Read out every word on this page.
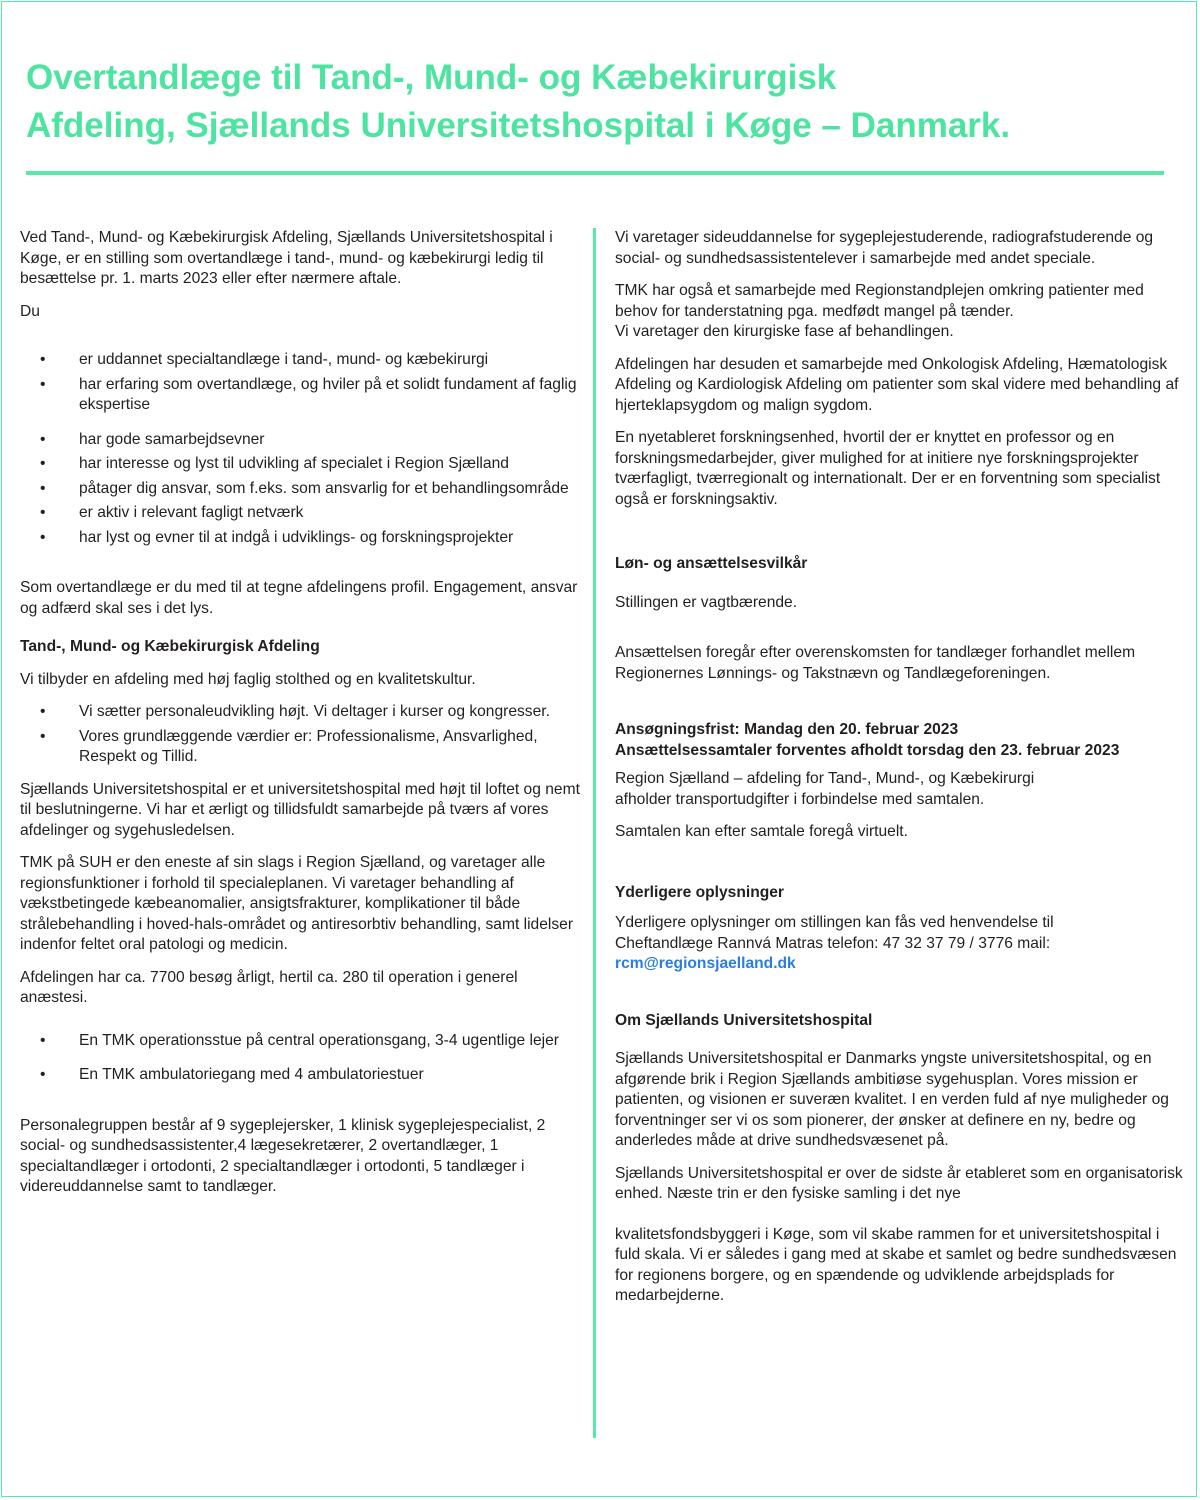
Overtandlæge til Tand-, Mund- og Kæbekirurgisk
Afdeling, Sjællands Universitetshospital i Køge – Danmark.

Ved Tand-, Mund- og Kæbekirurgisk Afdeling, Sjællands Universitetshospital i Køge, er en stilling som overtandlæge i tand-, mund- og kæbekirurgi ledig til besættelse pr. 1. marts 2023 eller efter nærmere aftale.

Du

• er uddannet specialtandlæge i tand-, mund- og kæbekirurgi
• har erfaring som overtandlæge, og hviler på et solidt fundament af faglig ekspertise
• har gode samarbejdsevner
• har interesse og lyst til udvikling af specialet i Region Sjælland
• påtager dig ansvar, som f.eks. som ansvarlig for et behandlingsområde
• er aktiv i relevant fagligt netværk
• har lyst og evner til at indgå i udviklings- og forskningsprojekter

Som overtandlæge er du med til at tegne afdelingens profil. Engagement, ansvar og adfærd skal ses i det lys.

Tand-, Mund- og Kæbekirurgisk Afdeling

Vi tilbyder en afdeling med høj faglig stolthed og en kvalitetskultur.

• Vi sætter personaleudvikling højt. Vi deltager i kurser og kongresser.
• Vores grundlæggende værdier er: Professionalisme, Ansvarlighed, Respekt og Tillid.

Sjællands Universitetshospital er et universitetshospital med højt til loftet og nemt til beslutningerne. Vi har et ærligt og tillidsfuldt samarbejde på tværs af vores afdelinger og sygehusledelsen.

TMK på SUH er den eneste af sin slags i Region Sjælland, og varetager alle regionsfunktioner i forhold til specialeplanen. Vi varetager behandling af vækstbetingede kæbeanomalier, ansigtsfrakturer, komplikationer til både strålebehandling i hoved-hals-området og antiresorbtiv behandling, samt lidelser indenfor feltet oral patologi og medicin.

Afdelingen har ca. 7700 besøg årligt, hertil ca. 280 til operation i generel anæstesi.

• En TMK operationsstue på central operationsgang, 3-4 ugentlige lejer
• En TMK ambulatoriegang med 4 ambulatoriestuer

Personalegruppen består af 9 sygeplejersker, 1 klinisk sygeplejespecialist, 2 social- og sundhedsassistenter,4 lægesekretærer, 2 overtandlæger, 1 specialtandlæger i ortodonti, 2 specialtandlæger i ortodonti, 5 tandlæger i videreuddannelse samt to tandlæger.

Vi varetager sideuddannelse for sygeplejestuderende, radiografstuderende og social- og sundhedsassistentelever i samarbejde med andet speciale.

TMK har også et samarbejde med Regionstandplejen omkring patienter med behov for tanderstatning pga. medfødt mangel på tænder.
Vi varetager den kirurgiske fase af behandlingen.

Afdelingen har desuden et samarbejde med Onkologisk Afdeling, Hæmatologisk Afdeling og Kardiologisk Afdeling om patienter som skal videre med behandling af hjerteklapsygdom og malign sygdom.

En nyetableret forskningsenhed, hvortil der er knyttet en professor og en forskningsmedarbejder, giver mulighed for at initiere nye forskningsprojekter tværfagligt, tværregionalt og internationalt. Der er en forventning som specialist også er forskningsaktiv.

Løn- og ansættelsesvilkår

Stillingen er vagtbærende.

Ansættelsen foregår efter overenskomsten for tandlæger forhandlet mellem Regionernes Lønnings- og Takstnævn og Tandlægeforeningen.

Ansøgningsfrist: Mandag den 20. februar 2023
Ansættelsessamtaler forventes afholdt torsdag den 23. februar 2023

Region Sjælland – afdeling for Tand-, Mund-, og Kæbekirurgi
afholder transportudgifter i forbindelse med samtalen.

Samtalen kan efter samtale foregå virtuelt.

Yderligere oplysninger

Yderligere oplysninger om stillingen kan fås ved henvendelse til
Cheftandlæge Rannvá Matras telefon: 47 32 37 79 / 3776 mail:
rcm@regionsjaelland.dk

Om Sjællands Universitetshospital

Sjællands Universitetshospital er Danmarks yngste universitetshospital, og en afgørende brik i Region Sjællands ambitiøse sygehusplan. Vores mission er patienten, og visionen er suveræn kvalitet. I en verden fuld af nye muligheder og forventninger ser vi os som pionerer, der ønsker at definere en ny, bedre og anderledes måde at drive sundhedsvæsenet på.

Sjællands Universitetshospital er over de sidste år etableret som en organisatorisk enhed. Næste trin er den fysiske samling i det nye

kvalitetsfondsbyggeri i Køge, som vil skabe rammen for et universitetshospital i fuld skala. Vi er således i gang med at skabe et samlet og bedre sundhedsvæsen for regionens borgere, og en spændende og udviklende arbejdsplads for medarbejderne.
